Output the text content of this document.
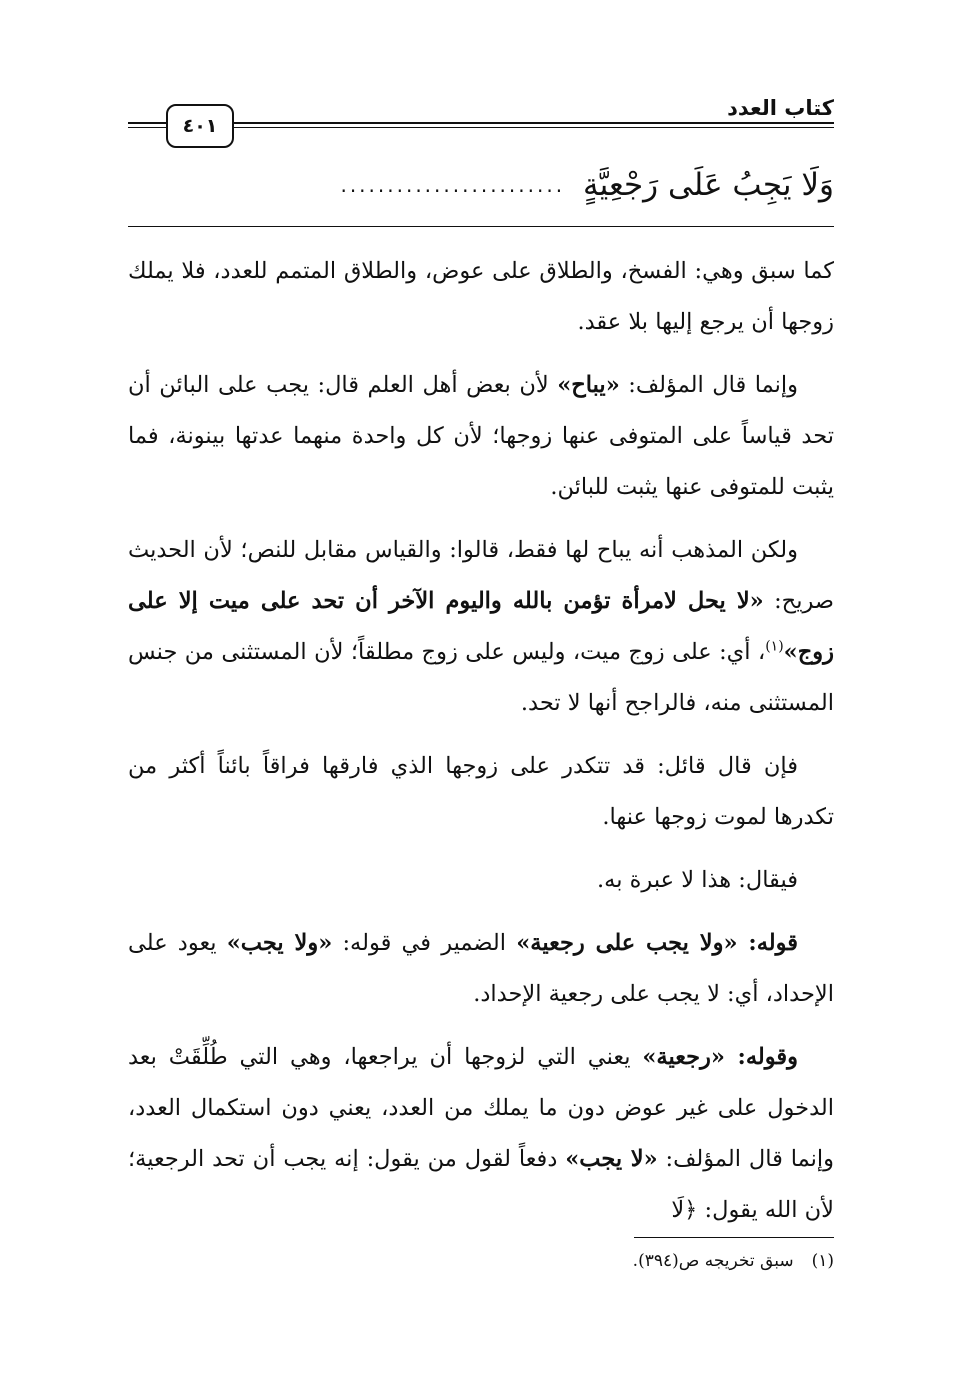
كتاب العدد
٤٠١
وَلَا يَجِبُ عَلَى رَجْعِيَّةٍ
........................

كما سبق وهي: الفسخ، والطلاق على عوض، والطلاق المتمم للعدد، فلا يملك زوجها أن يرجع إليها بلا عقد.

وإنما قال المؤلف: «يباح» لأن بعض أهل العلم قال: يجب على البائن أن تحد قياساً على المتوفى عنها زوجها؛ لأن كل واحدة منهما عدتها بينونة، فما يثبت للمتوفى عنها يثبت للبائن.

ولكن المذهب أنه يباح لها فقط، قالوا: والقياس مقابل للنص؛ لأن الحديث صريح: «لا يحل لامرأة تؤمن بالله واليوم الآخر أن تحد على ميت إلا على زوج»$^{(١)}$، أي: على زوج ميت، وليس على زوج مطلقاً؛ لأن المستثنى من جنس المستثنى منه، فالراجح أنها لا تحد.

فإن قال قائل: قد تتكدر على زوجها الذي فارقها فراقاً بائناً أكثر من تكدرها لموت زوجها عنها.

فيقال: هذا لا عبرة به.

قوله: «ولا يجب على رجعية» الضمير في قوله: «ولا يجب» يعود على الإحداد، أي: لا يجب على رجعية الإحداد.

وقوله: «رجعية» يعني التي لزوجها أن يراجعها، وهي التي طُلِّقَتْ بعد الدخول على غير عوض دون ما يملك من العدد، يعني دون استكمال العدد، وإنما قال المؤلف: «لا يجب» دفعاً لقول من يقول: إنه يجب أن تحد الرجعية؛ لأن الله يقول: ﴿لَا

(١)
سبق تخريجه ص(٣٩٤).
